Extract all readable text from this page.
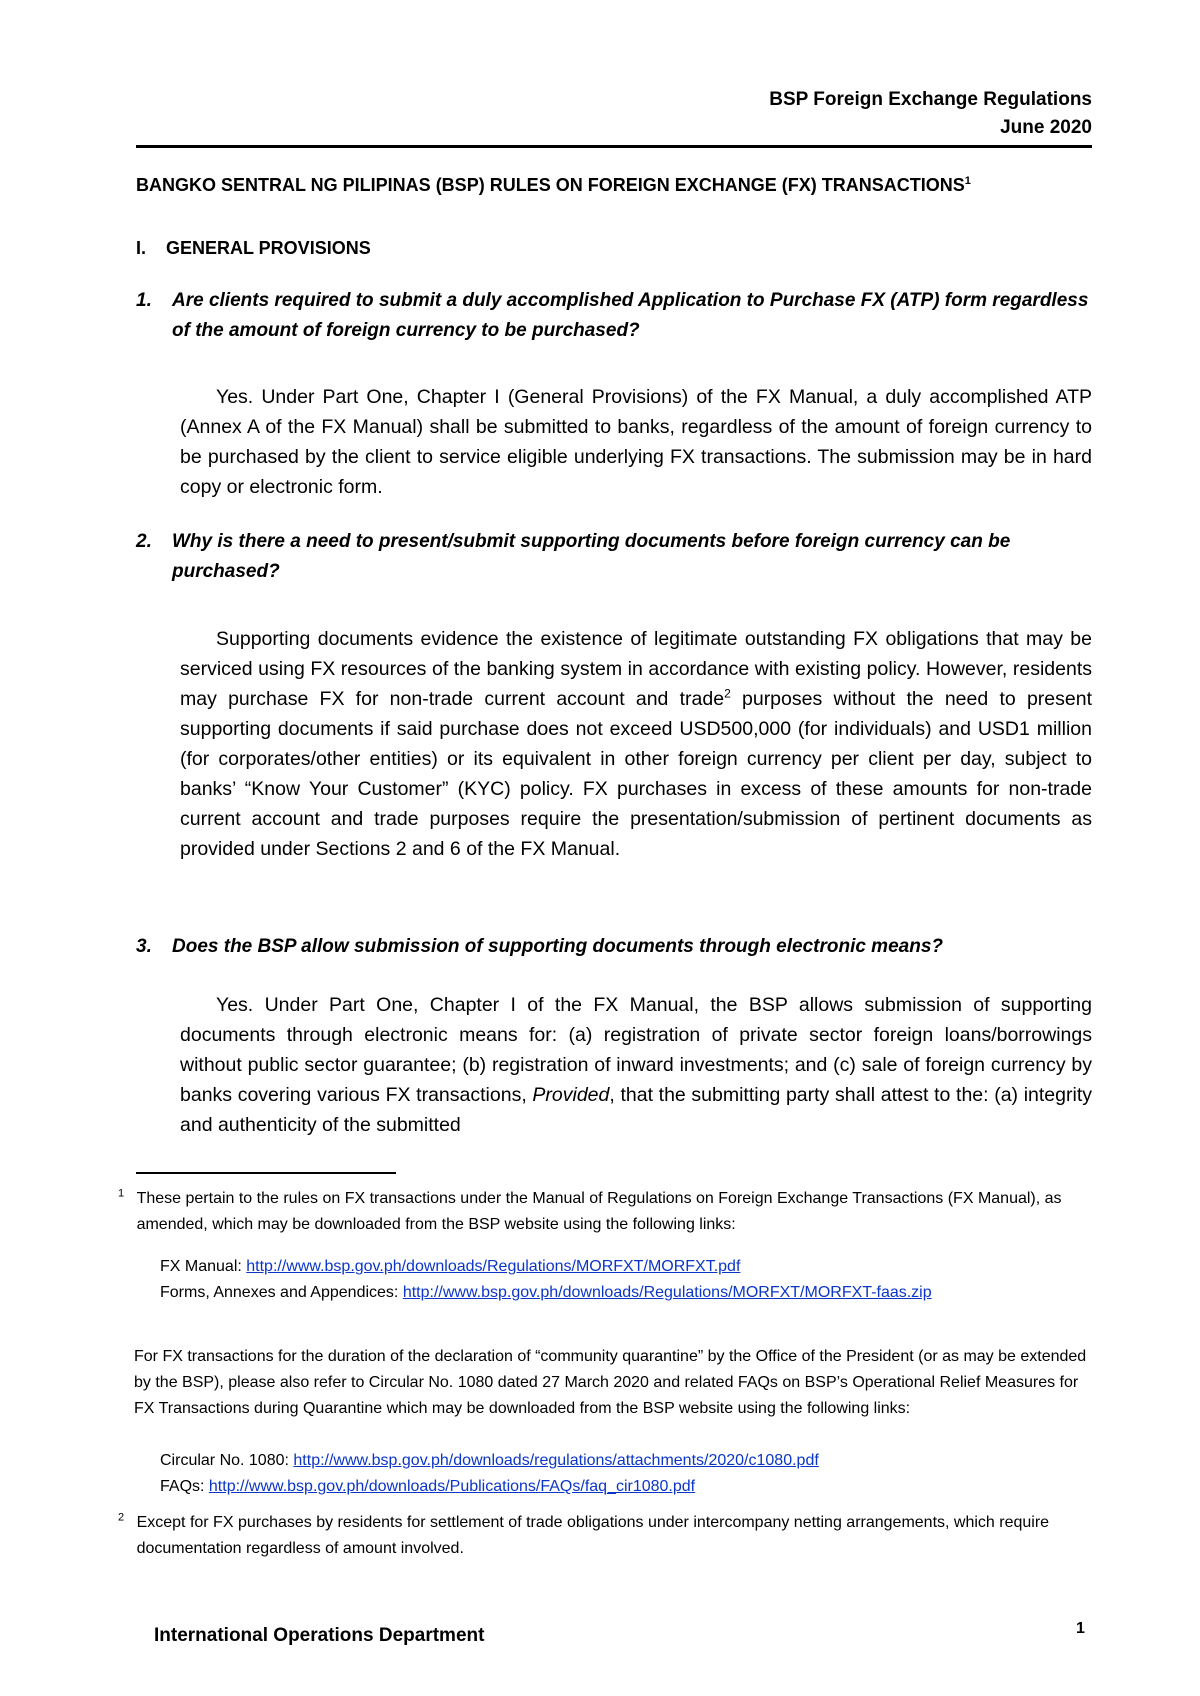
BSP Foreign Exchange Regulations
June 2020
BANGKO SENTRAL NG PILIPINAS (BSP) RULES ON FOREIGN EXCHANGE (FX) TRANSACTIONS$^1$
I. GENERAL PROVISIONS
1. Are clients required to submit a duly accomplished Application to Purchase FX (ATP) form regardless of the amount of foreign currency to be purchased?
Yes. Under Part One, Chapter I (General Provisions) of the FX Manual, a duly accomplished ATP (Annex A of the FX Manual) shall be submitted to banks, regardless of the amount of foreign currency to be purchased by the client to service eligible underlying FX transactions. The submission may be in hard copy or electronic form.
2. Why is there a need to present/submit supporting documents before foreign currency can be purchased?
Supporting documents evidence the existence of legitimate outstanding FX obligations that may be serviced using FX resources of the banking system in accordance with existing policy. However, residents may purchase FX for non-trade current account and trade$^2$ purposes without the need to present supporting documents if said purchase does not exceed USD500,000 (for individuals) and USD1 million (for corporates/other entities) or its equivalent in other foreign currency per client per day, subject to banks’ “Know Your Customer” (KYC) policy. FX purchases in excess of these amounts for non-trade current account and trade purposes require the presentation/submission of pertinent documents as provided under Sections 2 and 6 of the FX Manual.
3. Does the BSP allow submission of supporting documents through electronic means?
Yes. Under Part One, Chapter I of the FX Manual, the BSP allows submission of supporting documents through electronic means for: (a) registration of private sector foreign loans/borrowings without public sector guarantee; (b) registration of inward investments; and (c) sale of foreign currency by banks covering various FX transactions, Provided, that the submitting party shall attest to the: (a) integrity and authenticity of the submitted
$^1$ These pertain to the rules on FX transactions under the Manual of Regulations on Foreign Exchange Transactions (FX Manual), as amended, which may be downloaded from the BSP website using the following links:
FX Manual: http://www.bsp.gov.ph/downloads/Regulations/MORFXT/MORFXT.pdf
Forms, Annexes and Appendices: http://www.bsp.gov.ph/downloads/Regulations/MORFXT/MORFXT-faas.zip
For FX transactions for the duration of the declaration of “community quarantine” by the Office of the President (or as may be extended by the BSP), please also refer to Circular No. 1080 dated 27 March 2020 and related FAQs on BSP’s Operational Relief Measures for FX Transactions during Quarantine which may be downloaded from the BSP website using the following links:
Circular No. 1080: http://www.bsp.gov.ph/downloads/regulations/attachments/2020/c1080.pdf
FAQs: http://www.bsp.gov.ph/downloads/Publications/FAQs/faq_cir1080.pdf
$^2$ Except for FX purchases by residents for settlement of trade obligations under intercompany netting arrangements, which require documentation regardless of amount involved.
International Operations Department	1
